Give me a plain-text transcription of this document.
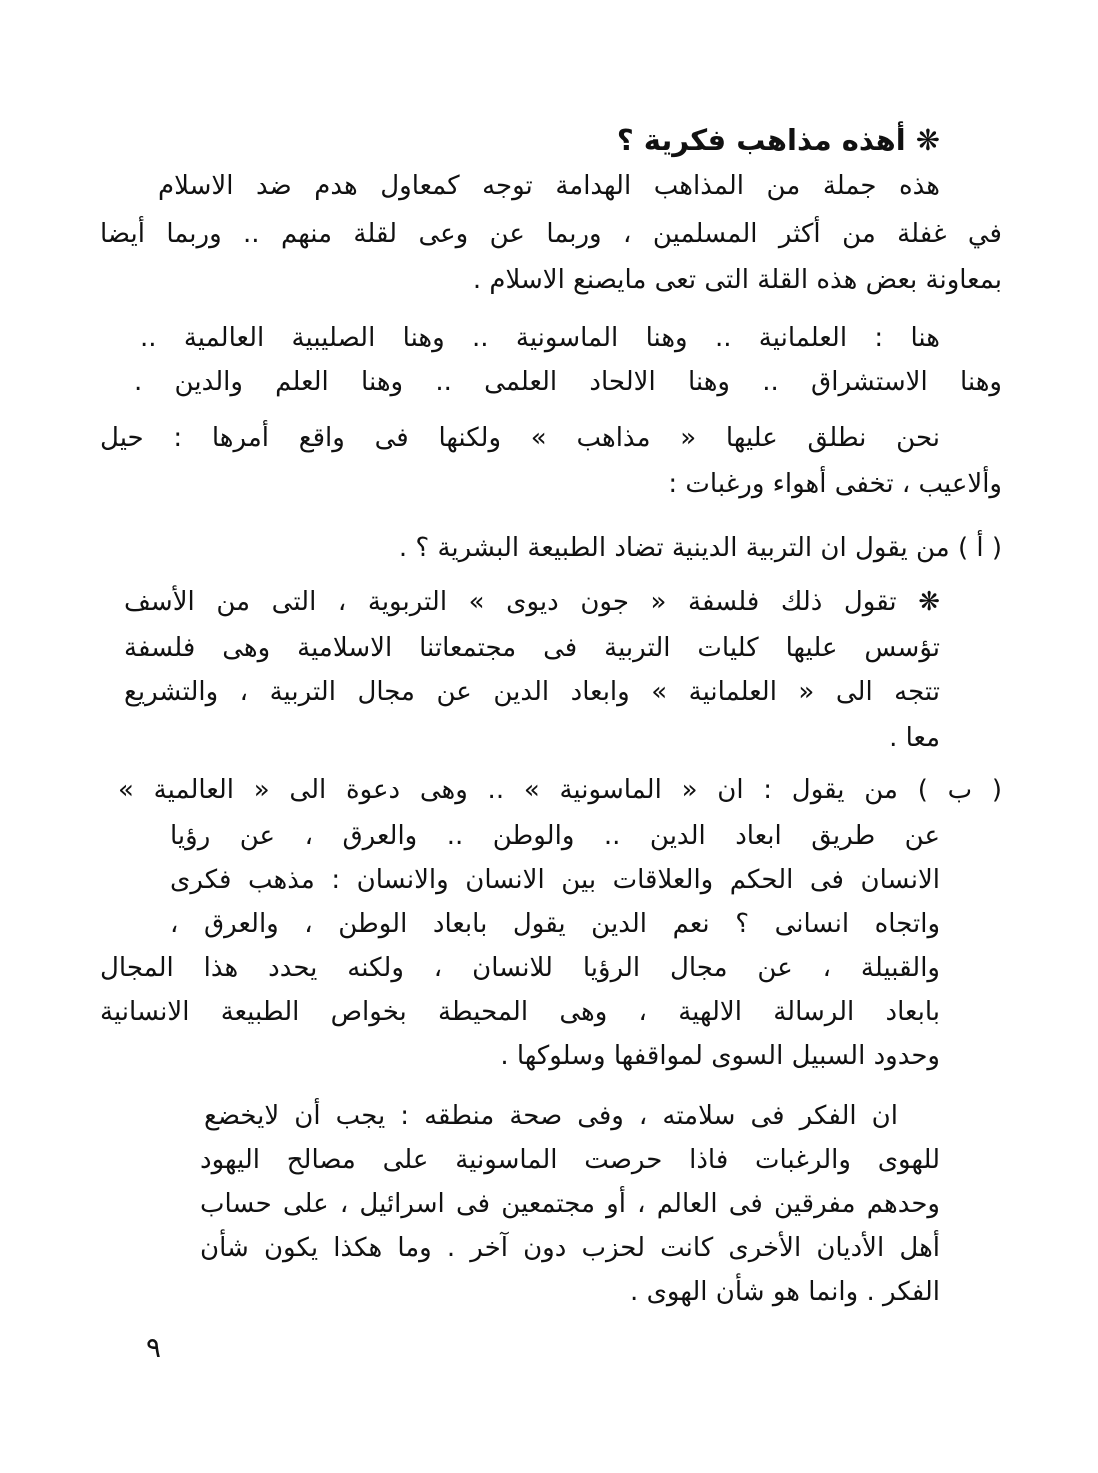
❋أهذه مذاهب فكرية ؟
هذه جملة من المذاهب الهدامة توجه كمعاول هدم ضد الاسلام
في غفلة من أكثر المسلمين ، وربما عن وعى لقلة منهم .. وربما أيضا
بمعاونة بعض هذه القلة التى تعى مايصنع الاسلام .
هنا : العلمانية .. وهنا الماسونية .. وهنا الصليبية العالمية ..
وهنا الاستشراق .. وهنا الالحاد العلمى .. وهنا العلم والدين .
نحن نطلق عليها « مذاهب » ولكنها فى واقع أمرها : حيل
وألاعيب ، تخفى أهواء ورغبات :
( أ ) من يقول ان التربية الدينية تضاد الطبيعة البشرية ؟ .
❋ تقول ذلك فلسفة « جون ديوى » التربوية ، التى من الأسف
تؤسس عليها كليات التربية فى مجتمعاتنا الاسلامية وهى فلسفة
تتجه الى « العلمانية » وابعاد الدين عن مجال التربية ، والتشريع
معا .
( ب ) من يقول : ان « الماسونية » .. وهى دعوة الى « العالمية »
عن طريق ابعاد الدين .. والوطن .. والعرق ، عن رؤيا
الانسان فى الحكم والعلاقات بين الانسان والانسان : مذهب فكرى
واتجاه انسانى ؟ نعم الدين يقول بابعاد الوطن ، والعرق ،
والقبيلة ، عن مجال الرؤيا للانسان ، ولكنه يحدد هذا المجال
بابعاد الرسالة الالهية ، وهى المحيطة بخواص الطبيعة الانسانية
وحدود السبيل السوى لمواقفها وسلوكها .
ان الفكر فى سلامته ، وفى صحة منطقه : يجب أن لايخضع
للهوى والرغبات فاذا حرصت الماسونية على مصالح اليهود
وحدهم مفرقين فى العالم ، أو مجتمعين فى اسرائيل ، على حساب
أهل الأديان الأخرى كانت لحزب دون آخر . وما هكذا يكون شأن
الفكر . وانما هو شأن الهوى .
٩
